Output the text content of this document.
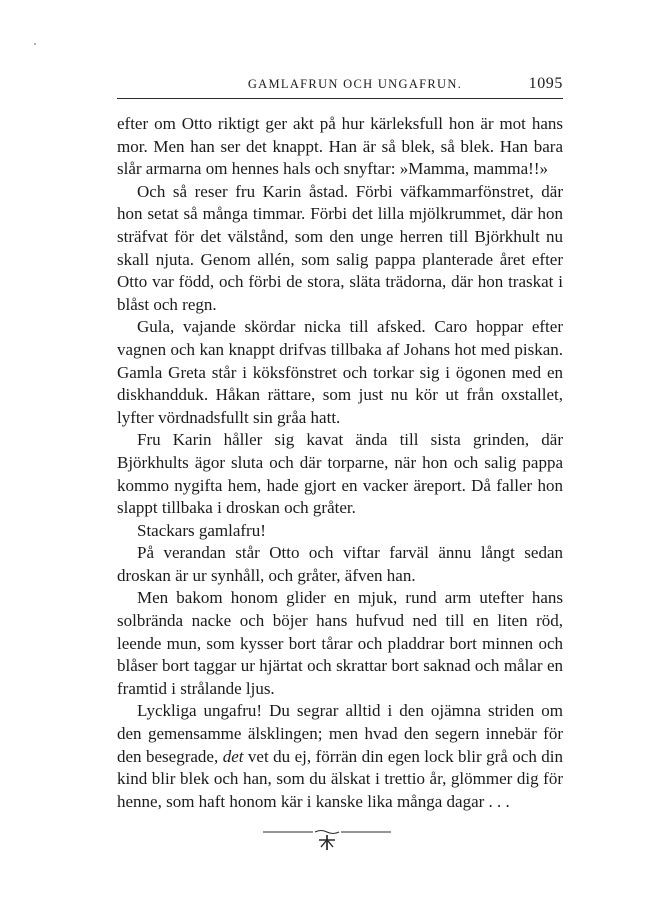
GAMLAFRUN OCH UNGAFRUN.	1095

efter om Otto riktigt ger akt på hur kärleksfull hon är mot hans mor. Men han ser det knappt. Han är så blek, så blek. Han bara slår armarna om hennes hals och snyftar: »Mamma, mamma!!»

Och så reser fru Karin åstad. Förbi väfkammarfönstret, där hon setat så många timmar. Förbi det lilla mjölkrummet, där hon sträfvat för det välstånd, som den unge herren till Björkhult nu skall njuta. Genom allén, som salig pappa planterade året efter Otto var född, och förbi de stora, släta trädorna, där hon traskat i blåst och regn.

Gula, vajande skördar nicka till afsked. Caro hoppar efter vagnen och kan knappt drifvas tillbaka af Johans hot med piskan. Gamla Greta står i köksfönstret och torkar sig i ögonen med en diskhandduk. Håkan rättare, som just nu kör ut från oxstallet, lyfter vördnadsfullt sin gråa hatt.

Fru Karin håller sig kavat ända till sista grinden, där Björkhults ägor sluta och där torparne, när hon och salig pappa kommo nygifta hem, hade gjort en vacker äreport. Då faller hon slappt tillbaka i droskan och gråter.

Stackars gamlafru!

På verandan står Otto och viftar farväl ännu långt sedan droskan är ur synhåll, och gråter, äfven han.

Men bakom honom glider en mjuk, rund arm utefter hans solbrända nacke och böjer hans hufvud ned till en liten röd, leende mun, som kysser bort tårar och pladdrar bort minnen och blåser bort taggar ur hjärtat och skrattar bort saknad och målar en framtid i strålande ljus.

Lyckliga ungafru! Du segrar alltid i den ojämna striden om den gemensamme älsklingen; men hvad den segern innebär för den besegrade, det vet du ej, förrän din egen lock blir grå och din kind blir blek och han, som du älskat i trettio år, glömmer dig för henne, som haft honom kär i kanske lika många dagar . . .
